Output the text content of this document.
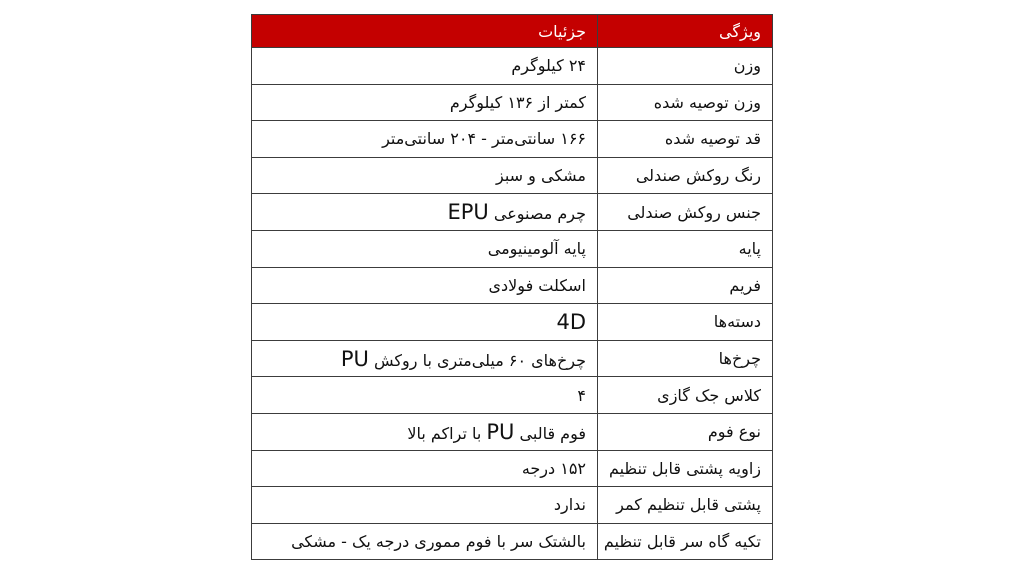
ویژگی	جزئیات
وزن	۲۴ کیلوگرم
وزن توصیه شده	کمتر از ۱۳۶ کیلوگرم
قد توصیه شده	۱۶۶ سانتی‌متر - ۲۰۴ سانتی‌متر
رنگ روکش صندلی	مشکی و سبز
جنس روکش صندلی	چرم مصنوعی EPU
پایه	پایه آلومینیومی
فریم	اسکلت فولادی
دسته‌ها	4D
چرخ‌ها	چرخ‌های ۶۰ میلی‌متری با روکش PU
کلاس جک گازی	۴
نوع فوم	فوم قالبی PU با تراکم بالا
زاویه پشتی قابل تنظیم	۱۵۲ درجه
پشتی قابل تنظیم کمر	ندارد
تکیه گاه سر قابل تنظیم	بالشتک سر با فوم مموری درجه یک - مشکی
